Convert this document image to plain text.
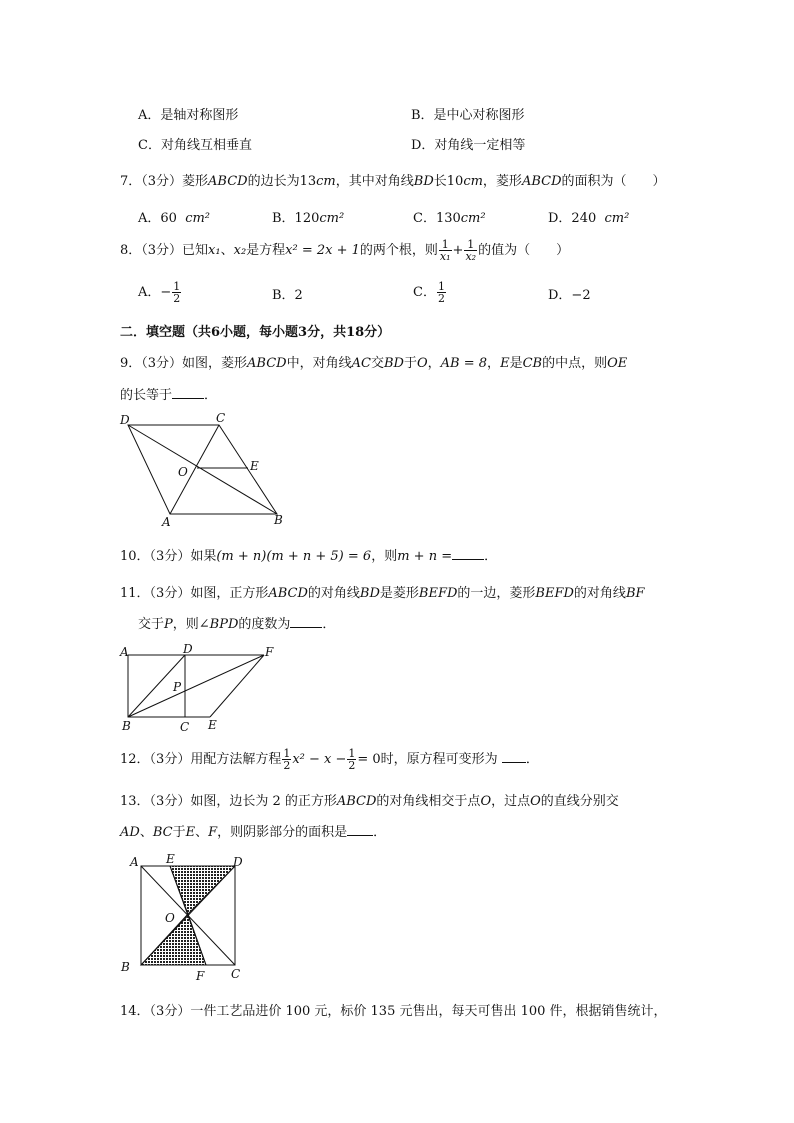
A．是轴对称图形	B．是中心对称图形
C．对角线互相垂直	D．对角线一定相等
7．（3分）菱形ABCD的边长为13cm，其中对角线BD长10cm，菱形ABCD的面积为（　　）
A．60 cm²	B．120cm²	C．130cm²	D．240 cm²
8．（3分）已知x₁、x₂是方程x² = 2x + 1的两个根，则 $\frac{1}{\text{x₁}} + \frac{1}{\text{x₂}}$ 的值为（　　）
A．− $\frac{1}{2}$	B．2	C． $\frac{1}{2}$	D．−2
二．填空题（共6小题，每小题3分，共18分）
9．（3分）如图，菱形ABCD中，对角线AC交BD于O，AB = 8，E是CB的中点，则OE
的长等于 ．
D	C
O	E
A	B
10．（3分）如果(m + n)(m + n + 5) = 6，则m + n = ．
11．（3分）如图，正方形ABCD的对角线BD是菱形BEFD的一边，菱形BEFD的对角线BF
交于P，则∠BPD的度数为 ．
A	D	F
P
B	C E
12．（3分）用配方法解方程 $\frac{1}{2} x^2 - x - \frac{1}{2} = 0$时，原方程可变形为 ．
13．（3分）如图，边长为 2 的正方形ABCD的对角线相交于点O，过点O的直线分别交
AD、BC于E、F，则阴影部分的面积是 ．
A E	D
O
B
F C
14．（3分）一件工艺品进价 100 元，标价 135 元售出，每天可售出 100 件，根据销售统计，
